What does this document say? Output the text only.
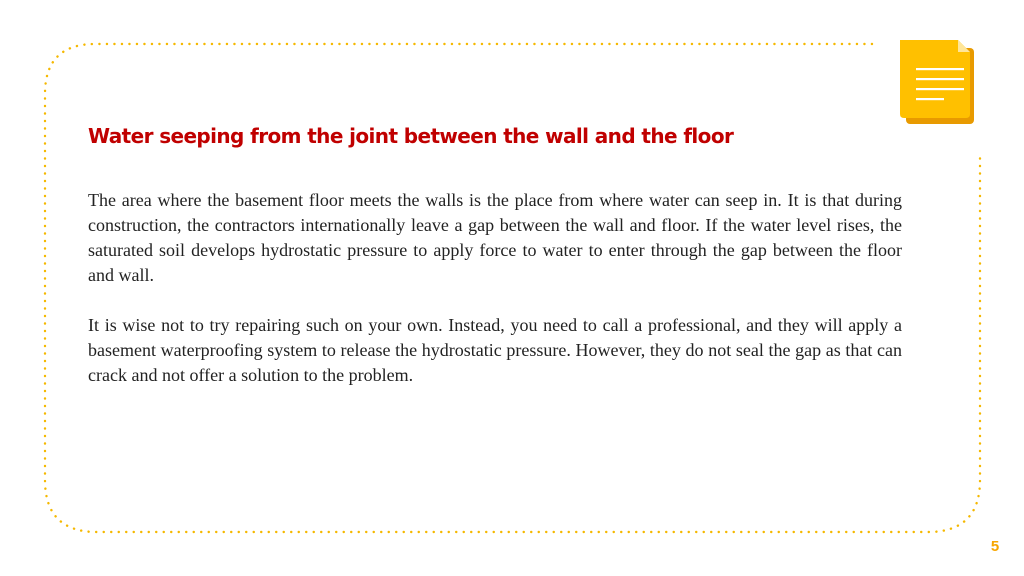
Water seeping from the joint between the wall and the floor

The area where the basement floor meets the walls is the place from where water can seep in. It is that during construction, the contractors internationally leave a gap between the wall and floor. If the water level rises, the saturated soil develops hydrostatic pressure to apply force to water to enter through the gap between the floor and wall.

It is wise not to try repairing such on your own. Instead, you need to call a professional, and they will apply a basement waterproofing system to release the hydrostatic pressure. However, they do not seal the gap as that can crack and not offer a solution to the problem.

5
